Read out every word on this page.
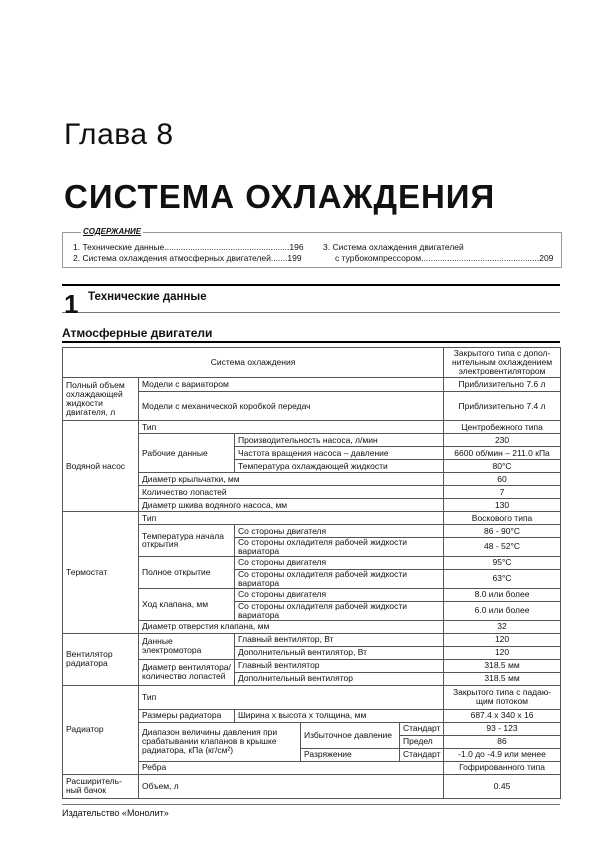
Глава 8
СИСТЕМА ОХЛАЖДЕНИЯ
СОДЕРЖАНИЕ
1. Технические данные.....................................................196
2. Система охлаждения атмосферных двигателей.......199
3. Система охлаждения двигателей
с турбокомпрессором..................................................209
1 Технические данные
Атмосферные двигатели
Система охлаждения					Закрытого типа с допол-нительным охлаждением электровентилятором
Полный объем охлаждающей жидкости двигателя, л	Модели с вариатором				Приблизительно 7.6 л
	Модели с механической коробкой передач				Приблизительно 7.4 л
Водяной насос	Тип				Центробежного типа
	Рабочие данные	Производительность насоса, л/мин			230
		Частота вращения насоса – давление			6600 об/мин – 211.0 кПа
		Температура охлаждающей жидкости			80°C
	Диаметр крыльчатки, мм				60
	Количество лопастей				7
	Диаметр шкива водяного насоса, мм				130
Термостат	Тип				Восковогo типа
	Температура начала открытия	Со стороны двигателя			86 - 90°C
		Со стороны охладителя рабочей жидкости вариатора			48 - 52°C
	Полное открытие	Со стороны двигателя			95°C
		Со стороны охладителя рабочей жидкости вариатора			63°C
	Ход клапана, мм	Со стороны двигателя			8.0 или более
		Со стороны охладителя рабочей жидкости вариатора			6.0 или более
	Диаметр отверстия клапана, мм				32
Вентилятор радиатора	Данные электромотора	Главный вентилятор, Вт			120
		Дополнительный вентилятор, Вт			120
	Диаметр вентилятора/ количество лопастей	Главный вентилятор			318.5 мм
		Дополнительный вентилятор			318.5 мм
Радиатор	Тип				Закрытого типа с падаю-щим потоком
	Размеры радиатора	Ширина х высота х толщина, мм			687.4 x 340 x 16
	Диапазон величины давления при срабатывании клапанов в крышке радиатора, кПа (кг/см²)		Избыточное давление	Стандарт	93 - 123
				Предел	86
			Разряжение	Стандарт	-1.0 до -4.9 или менее
	Ребра				Гофрированного типа
Расширитель-ный бачок	Объем, л				0.45
Издательство «Монолит»
